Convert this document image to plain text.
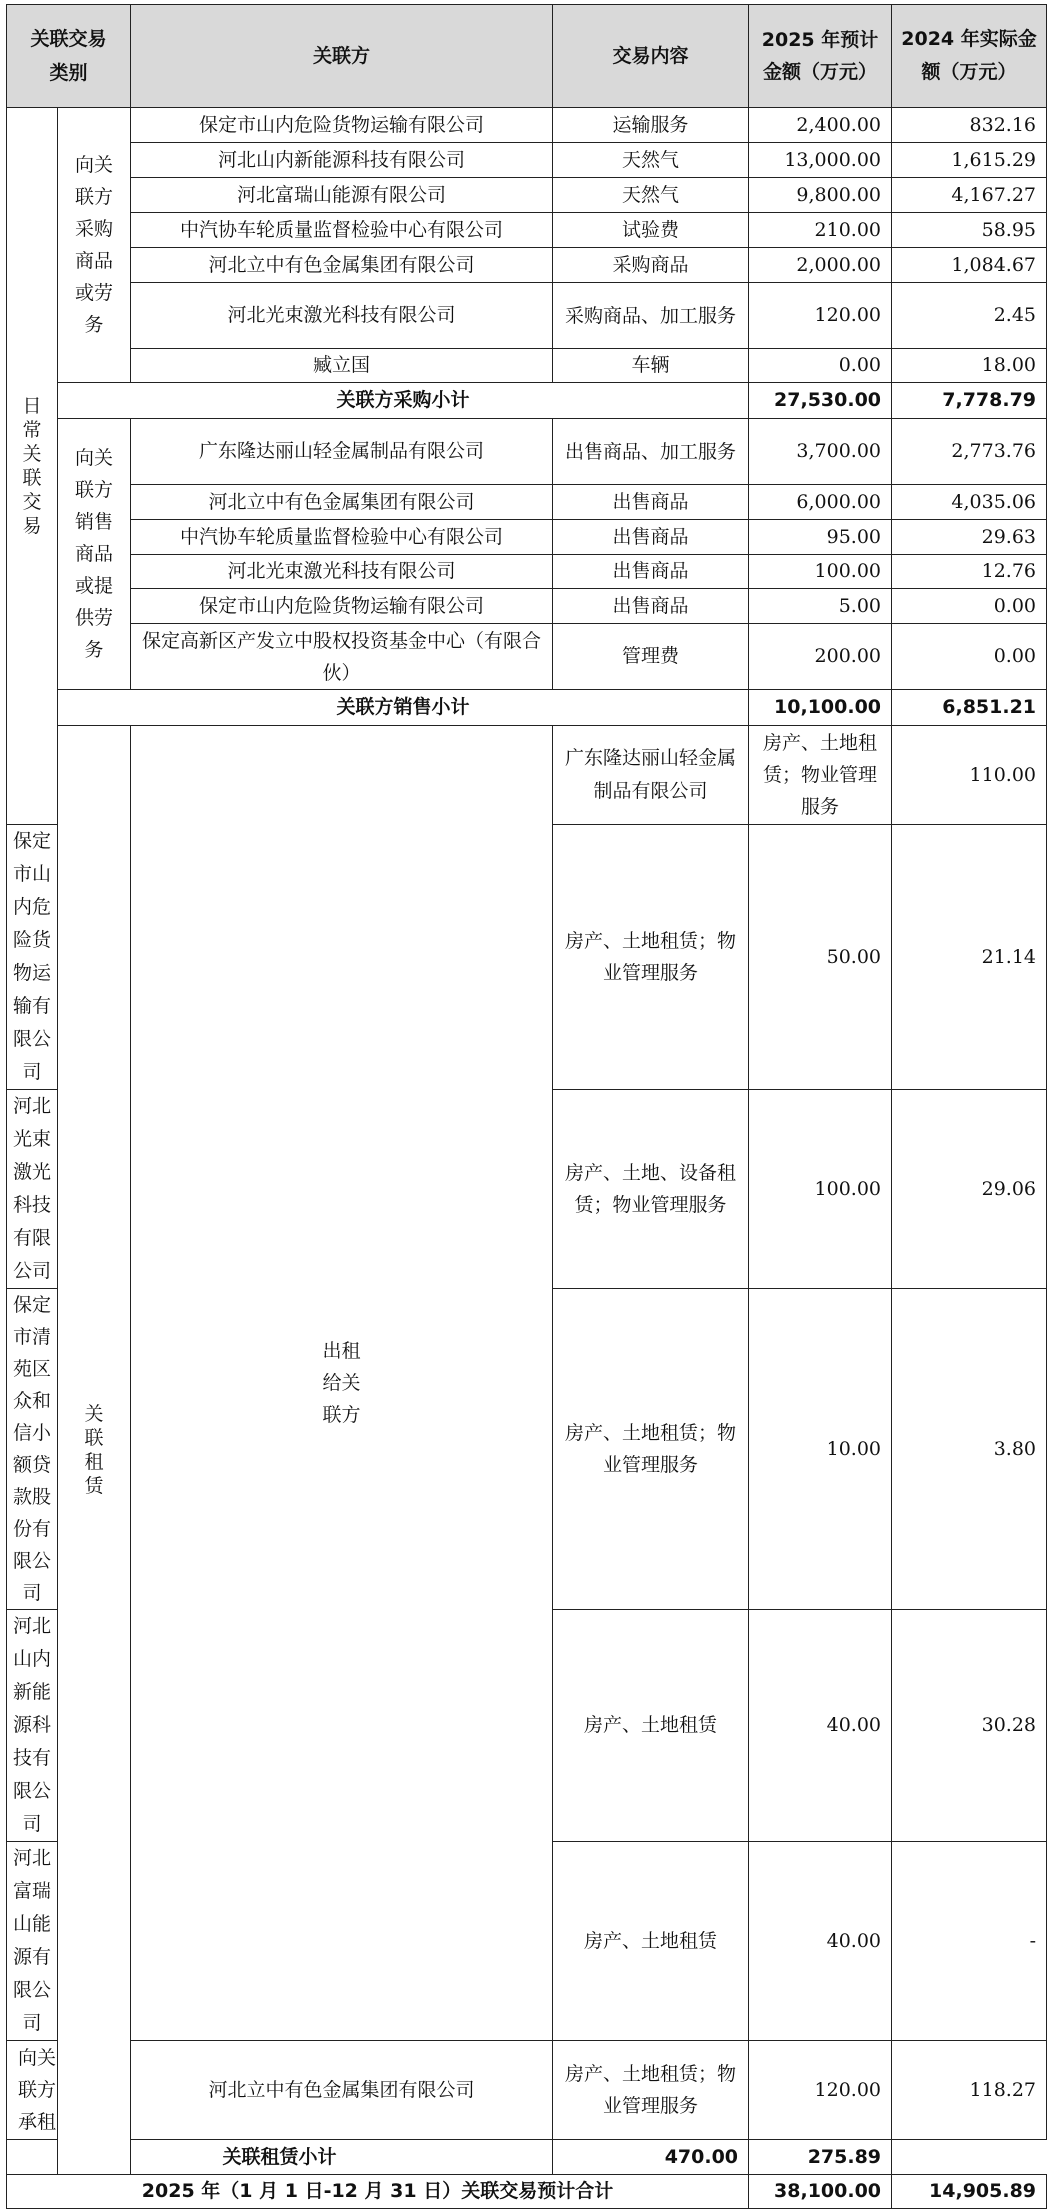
关联交易类别		关联方	交易内容	2025 年预计金额（万元）	2024 年实际金额（万元）	
日常关联交易	向关联方采购商品或劳务	保定市山内危险货物运输有限公司	运输服务	2,400.00	832.16	
		河北山内新能源科技有限公司	天然气	13,000.00	1,615.29	
		河北富瑞山能源有限公司	天然气	9,800.00	4,167.27	
		中汽协车轮质量监督检验中心有限公司	试验费	210.00	58.95	
		河北立中有色金属集团有限公司	采购商品	2,000.00	1,084.67	
		河北光束激光科技有限公司	采购商品、加工服务	120.00	2.45	
		臧立国	车辆	0.00	18.00	
	关联方采购小计			27,530.00	7,778.79	
	向关联方销售商品或提供劳务	广东隆达丽山轻金属制品有限公司	出售商品、加工服务	3,700.00	2,773.76	
		河北立中有色金属集团有限公司	出售商品	6,000.00	4,035.06	
		中汽协车轮质量监督检验中心有限公司	出售商品	95.00	29.63	
		河北光束激光科技有限公司	出售商品	100.00	12.76	
		保定市山内危险货物运输有限公司	出售商品	5.00	0.00	
		保定高新区产发立中股权投资基金中心（有限合伙）	管理费	200.00	0.00	
	关联方销售小计			10,100.00	6,851.21	
	关联租赁	出租给关联方	广东隆达丽山轻金属制品有限公司	房产、土地租赁；物业管理服务	110.00	
保定市山内危险货物运输有限公司			房产、土地租赁；物业管理服务	50.00	21.14	
河北光束激光科技有限公司			房产、土地、设备租赁；物业管理服务	100.00	29.06	
保定市清苑区众和信小额贷款股份有限公司			房产、土地租赁；物业管理服务	10.00	3.80	
河北山内新能源科技有限公司			房产、土地租赁	40.00	30.28	
河北富瑞山能源有限公司			房产、土地租赁	40.00	-	
向关联方承租		河北立中有色金属集团有限公司	房产、土地租赁；物业管理服务	120.00	118.27	
关联租赁小计			470.00	275.89		
2025 年（1 月 1 日-12 月 31 日）关联交易预计合计				38,100.00	14,905.89	
